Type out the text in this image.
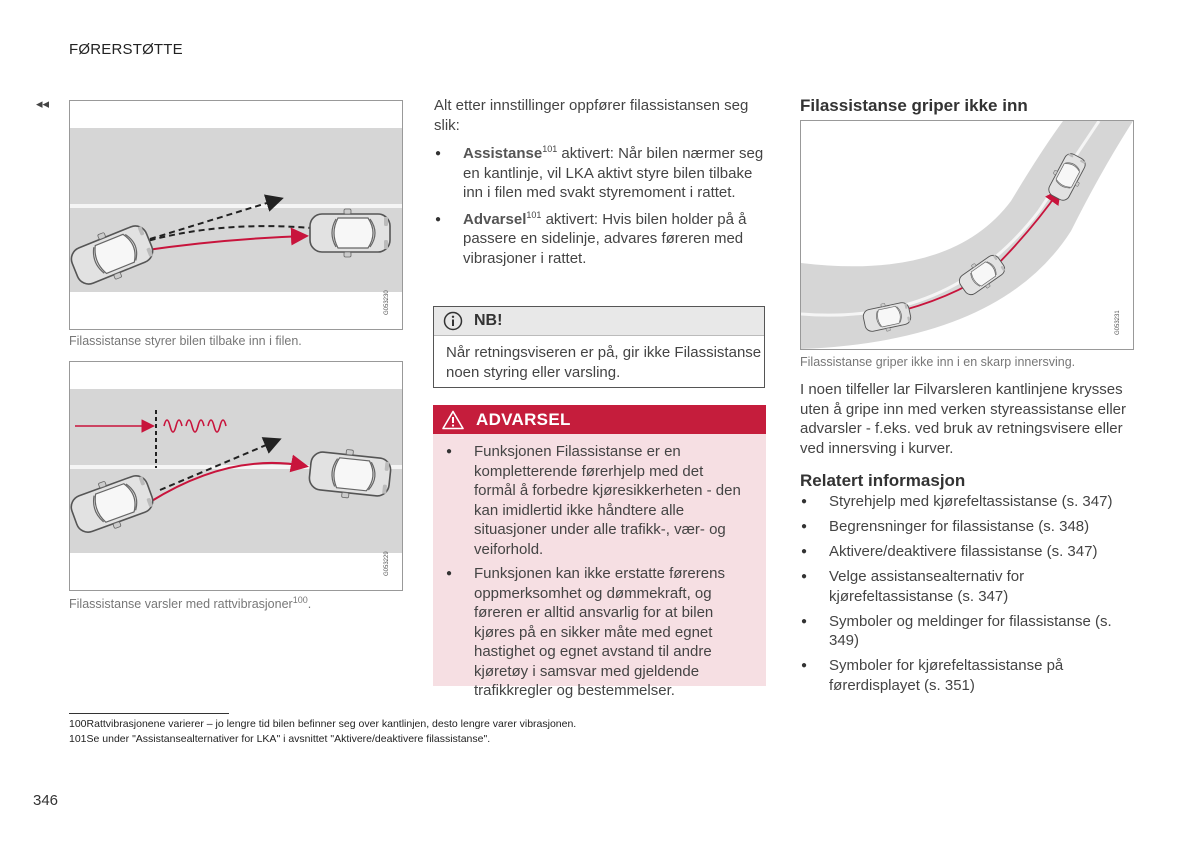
FØRERSTØTTE
◂◂
G053230
Filassistanse styrer bilen tilbake inn i filen.
G053229
Filassistanse varsler med rattvibrasjoner$^{100}$.
Alt etter innstillinger oppfører filassistansen seg slik:
● Assistanse$^{101}$ aktivert: Når bilen nærmer seg en kantlinje, vil LKA aktivt styre bilen tilbake inn i filen med svakt styremoment i rattet.
● Advarsel$^{101}$ aktivert: Hvis bilen holder på å passere en sidelinje, advares føreren med vibrasjoner i rattet.
NB!
Når retningsviseren er på, gir ikke Filassistanse noen styring eller varsling.
ADVARSEL
● Funksjonen Filassistanse er en kompletterende førerhjelp med det formål å forbedre kjøresikkerheten - den kan imidlertid ikke håndtere alle situasjoner under alle trafikk-, vær- og veiforhold.
● Funksjonen kan ikke erstatte førerens oppmerksomhet og dømmekraft, og føreren er alltid ansvarlig for at bilen kjøres på en sikker måte med egnet hastighet og egnet avstand til andre kjøretøy i samsvar med gjeldende trafikkregler og bestemmelser.
Filassistanse griper ikke inn
G053231
Filassistanse griper ikke inn i en skarp innersving.
I noen tilfeller lar Filvarsleren kantlinjene krysses uten å gripe inn med verken styreassistanse eller advarsler - f.eks. ved bruk av retningsvisere eller ved innersving i kurver.
Relatert informasjon
● Styrehjelp med kjørefeltassistanse (s. 347)
● Begrensninger for filassistanse (s. 348)
● Aktivere/deaktivere filassistanse (s. 347)
● Velge assistansealternativ for kjørefeltassistanse (s. 347)
● Symboler og meldinger for filassistanse (s. 349)
● Symboler for kjørefeltassistanse på førerdisplayet (s. 351)
100Rattvibrasjonene varierer – jo lengre tid bilen befinner seg over kantlinjen, desto lengre varer vibrasjonen.
101Se under "Assistansealternativer for LKA" i avsnittet "Aktivere/deaktivere filassistanse".
346
